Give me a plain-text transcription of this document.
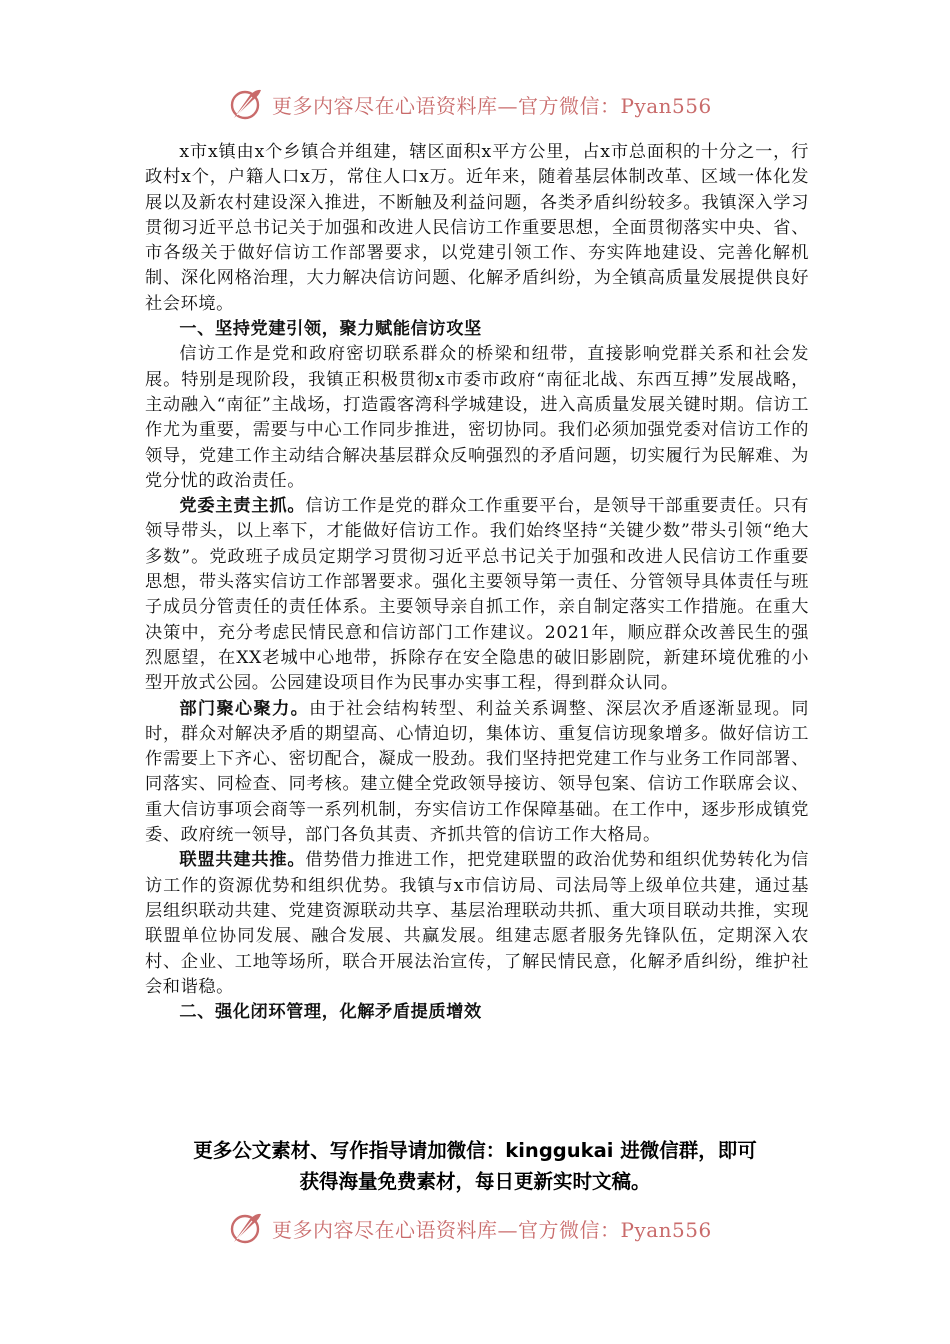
更多内容尽在心语资料库—官方微信：Pyan556

x市x镇由x个乡镇合并组建，辖区面积x平方公里，占x市总面积的十分之一，行政村x个，户籍人口x万，常住人口x万。近年来，随着基层体制改革、区域一体化发展以及新农村建设深入推进，不断触及利益问题，各类矛盾纠纷较多。我镇深入学习贯彻习近平总书记关于加强和改进人民信访工作重要思想，全面贯彻落实中央、省、市各级关于做好信访工作部署要求，以党建引领工作、夯实阵地建设、完善化解机制、深化网格治理，大力解决信访问题、化解矛盾纠纷，为全镇高质量发展提供良好社会环境。

一、坚持党建引领，聚力赋能信访攻坚

信访工作是党和政府密切联系群众的桥梁和纽带，直接影响党群关系和社会发展。特别是现阶段，我镇正积极贯彻x市委市政府“南征北战、东西互搏”发展战略，主动融入“南征”主战场，打造霞客湾科学城建设，进入高质量发展关键时期。信访工作尤为重要，需要与中心工作同步推进，密切协同。我们必须加强党委对信访工作的领导，党建工作主动结合解决基层群众反响强烈的矛盾问题，切实履行为民解难、为党分忧的政治责任。

党委主责主抓。信访工作是党的群众工作重要平台，是领导干部重要责任。只有领导带头，以上率下，才能做好信访工作。我们始终坚持“关键少数”带头引领“绝大多数”。党政班子成员定期学习贯彻习近平总书记关于加强和改进人民信访工作重要思想，带头落实信访工作部署要求。强化主要领导第一责任、分管领导具体责任与班子成员分管责任的责任体系。主要领导亲自抓工作，亲自制定落实工作措施。在重大决策中，充分考虑民情民意和信访部门工作建议。2021年，顺应群众改善民生的强烈愿望，在XX老城中心地带，拆除存在安全隐患的破旧影剧院，新建环境优雅的小型开放式公园。公园建设项目作为民事办实事工程，得到群众认同。

部门聚心聚力。由于社会结构转型、利益关系调整、深层次矛盾逐渐显现。同时，群众对解决矛盾的期望高、心情迫切，集体访、重复信访现象增多。做好信访工作需要上下齐心、密切配合，凝成一股劲。我们坚持把党建工作与业务工作同部署、同落实、同检查、同考核。建立健全党政领导接访、领导包案、信访工作联席会议、重大信访事项会商等一系列机制，夯实信访工作保障基础。在工作中，逐步形成镇党委、政府统一领导，部门各负其责、齐抓共管的信访工作大格局。

联盟共建共推。借势借力推进工作，把党建联盟的政治优势和组织优势转化为信访工作的资源优势和组织优势。我镇与x市信访局、司法局等上级单位共建，通过基层组织联动共建、党建资源联动共享、基层治理联动共抓、重大项目联动共推，实现联盟单位协同发展、融合发展、共赢发展。组建志愿者服务先锋队伍，定期深入农村、企业、工地等场所，联合开展法治宣传，了解民情民意，化解矛盾纠纷，维护社会和谐稳。

二、强化闭环管理，化解矛盾提质增效

更多公文素材、写作指导请加微信：kinggukai 进微信群，即可
获得海量免费素材，每日更新实时文稿。
更多内容尽在心语资料库—官方微信：Pyan556
